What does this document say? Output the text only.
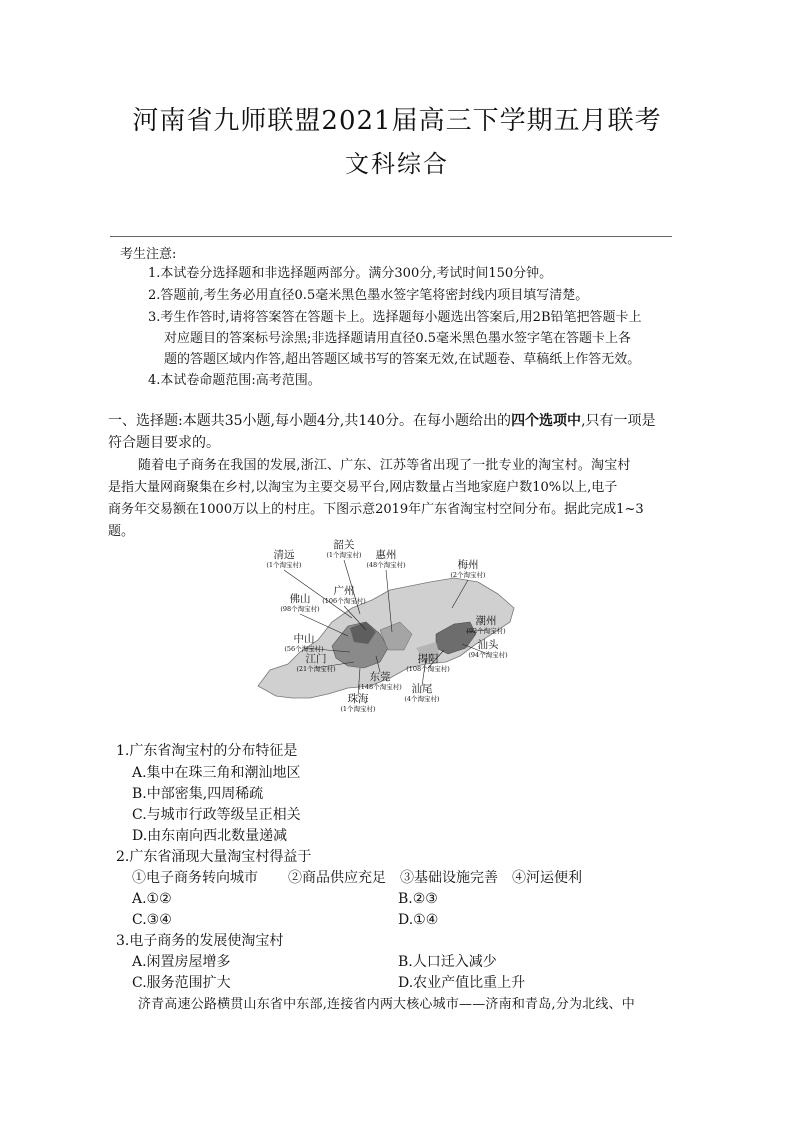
河南省九师联盟2021届高三下学期五月联考
文科综合
考生注意:
1.本试卷分选择题和非选择题两部分。满分300分,考试时间150分钟。
2.答题前,考生务必用直径0.5毫米黑色墨水签字笔将密封线内项目填写清楚。
3.考生作答时,请将答案答在答题卡上。选择题每小题选出答案后,用2B铅笔把答题卡上
对应题目的答案标号涂黑;非选择题请用直径0.5毫米黑色墨水签字笔在答题卡上各
题的答题区域内作答,超出答题区域书写的答案无效,在试题卷、草稿纸上作答无效。
4.本试卷命题范围:高考范围。
一、选择题:本题共35小题,每小题4分,共140分。在每小题给出的四个选项中,只有一项是
符合题目要求的。
随着电子商务在我国的发展,浙江、广东、江苏等省出现了一批专业的淘宝村。淘宝村
是指大量网商聚集在乡村,以淘宝为主要交易平台,网店数量占当地家庭户数10%以上,电子
商务年交易额在1000万以上的村庄。下图示意2019年广东省淘宝村空间分布。据此完成1~3
题。
清远
(1个淘宝村)
韶关
(1个淘宝村) 惠州
(48个淘宝村)	梅州
(2个淘宝村)
广州
(106个淘宝村)
佛山
(98个淘宝村)
潮州
(92个淘宝村)
中山
(56个淘宝村)	汕头
(94个淘宝村)
江门
(21个淘宝村)
揭阳
(108个淘宝村)
东莞
(148个淘宝村) 汕尾
(4个淘宝村)
珠海
(1个淘宝村)
1.广东省淘宝村的分布特征是
A.集中在珠三角和潮汕地区
B.中部密集,四周稀疏
C.与城市行政等级呈正相关
D.由东南向西北数量递减
2.广东省涌现大量淘宝村得益于
①电子商务转向城市 ②商品供应充足 ③基础设施完善 ④河运便利
A.①②	B.②③
C.③④	D.①④
3.电子商务的发展使淘宝村
A.闲置房屋增多	B.人口迁入减少
C.服务范围扩大	D.农业产值比重上升
济青高速公路横贯山东省中东部,连接省内两大核心城市——济南和青岛,分为北线、中
